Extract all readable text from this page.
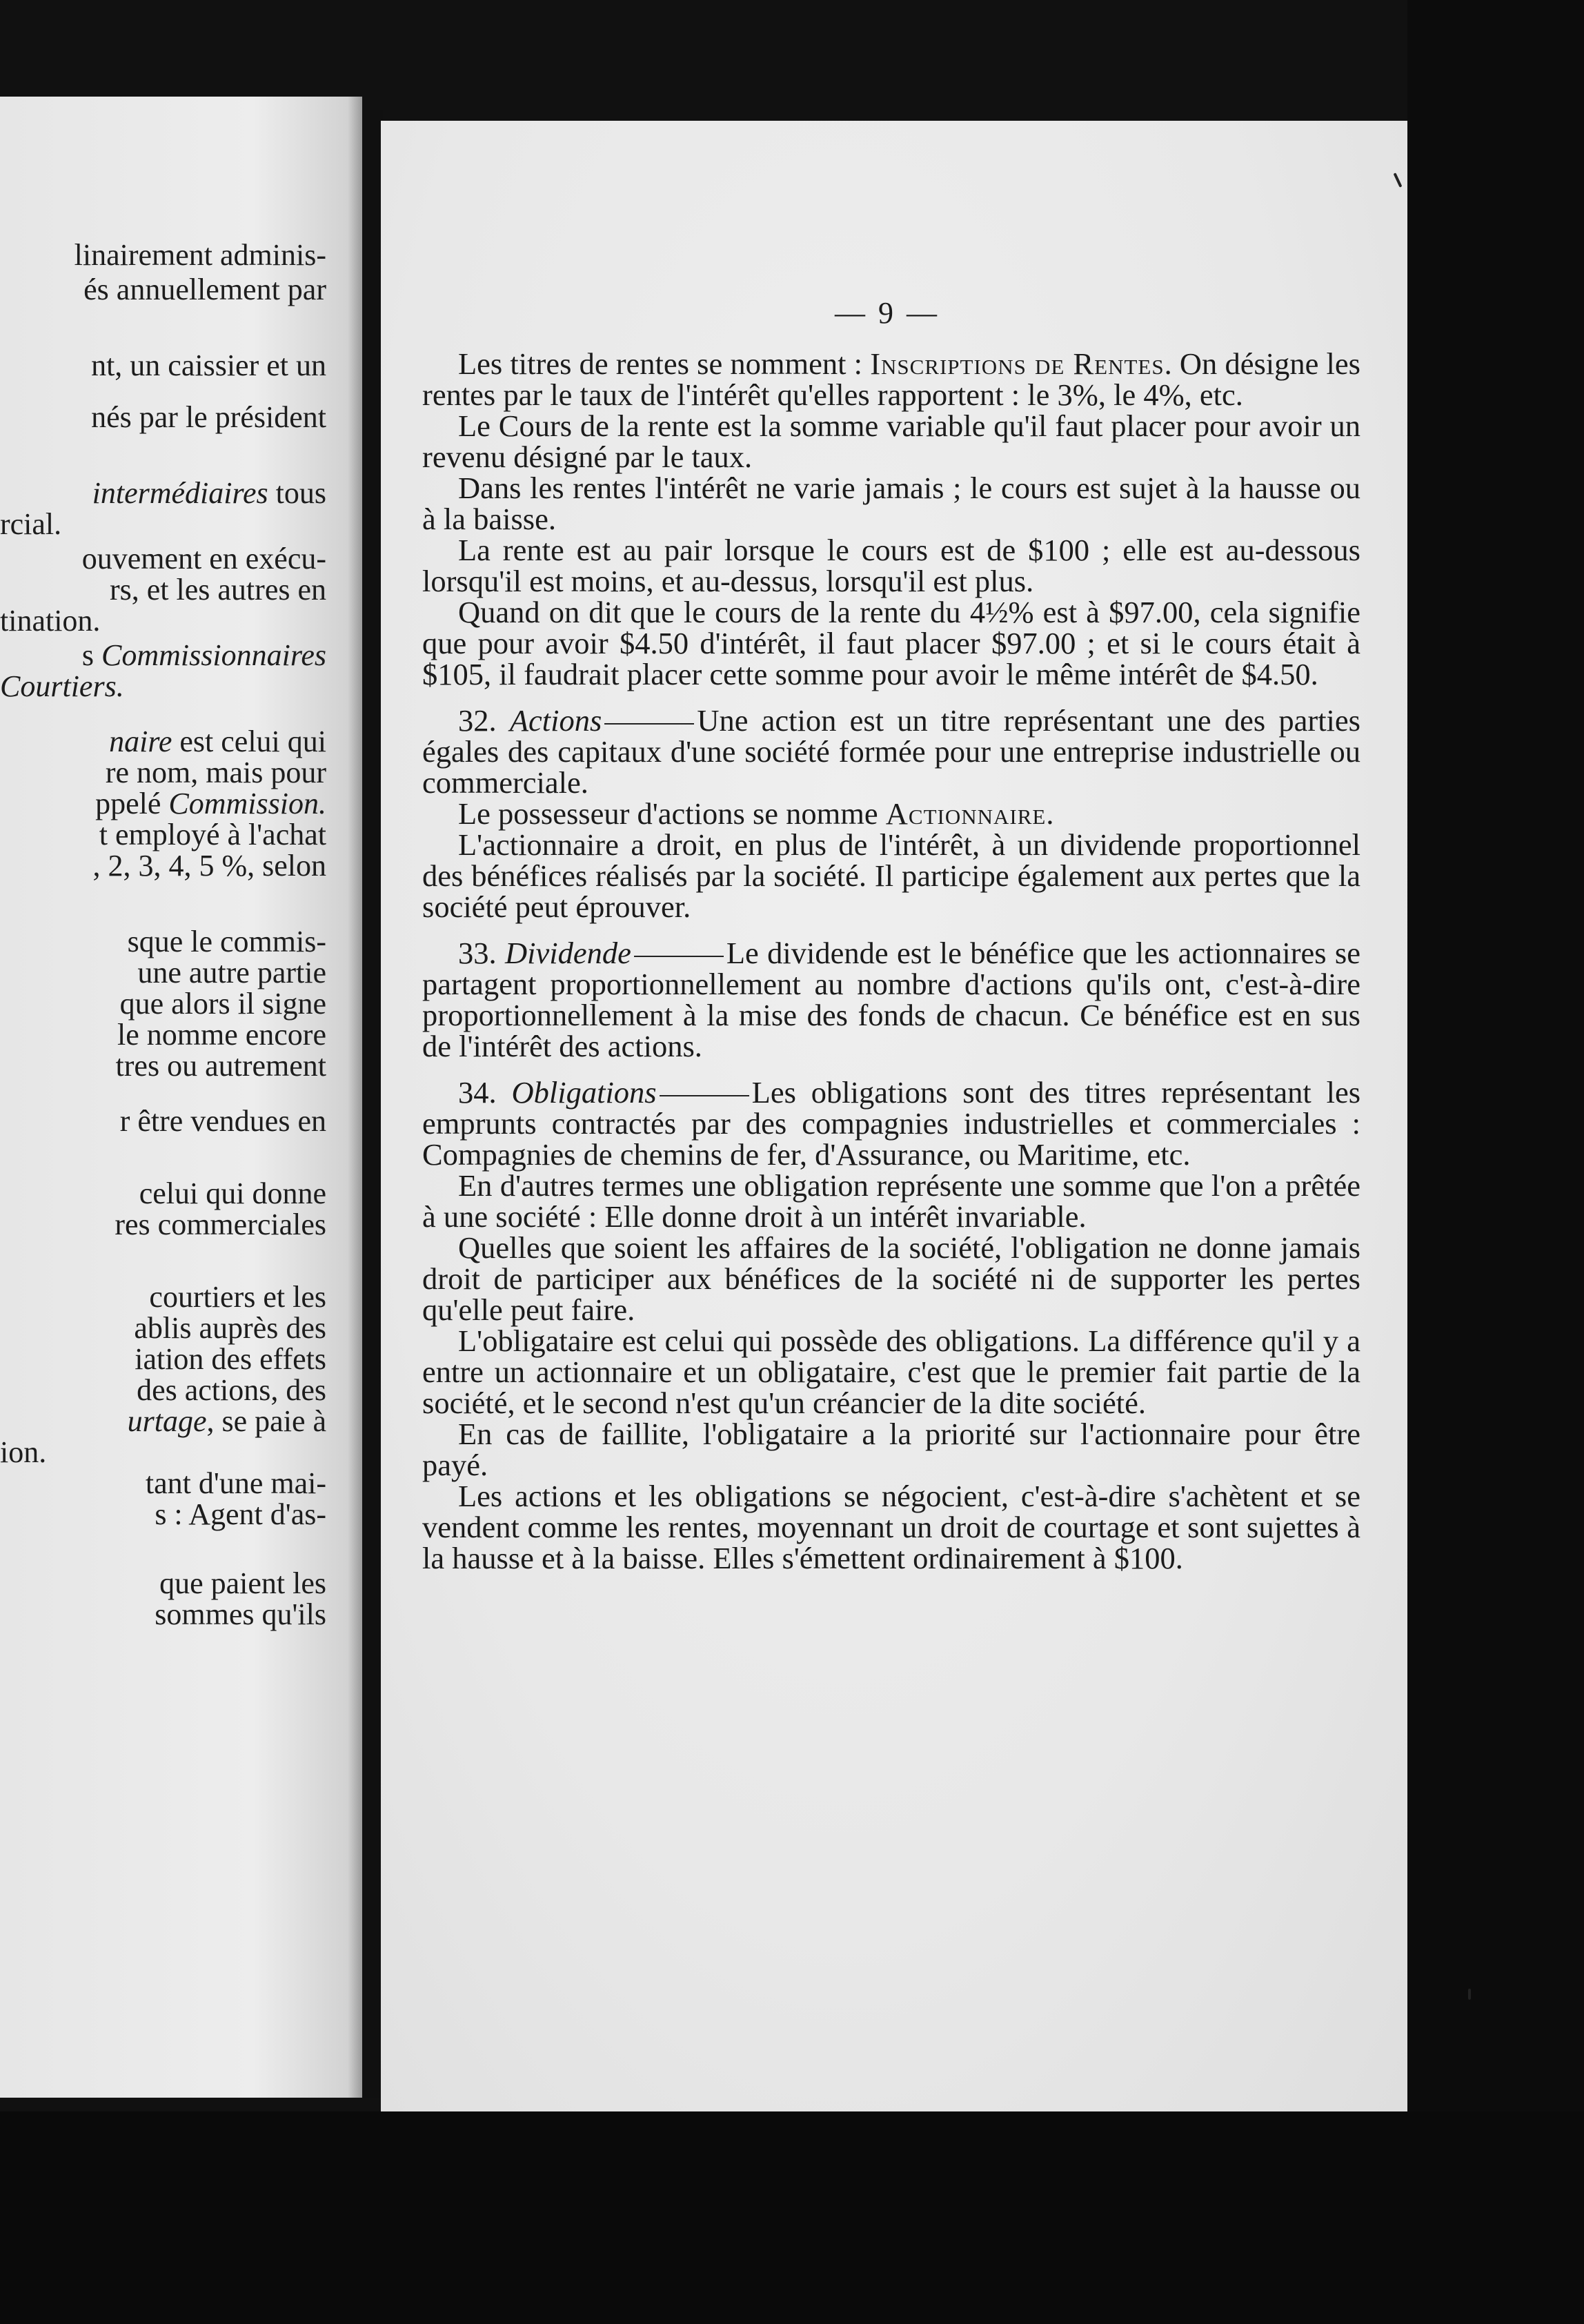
linairement adminis-
és annuellement par
nt, un caissier et un
nés par le président
intermédiaires tous
rcial.
ouvement en exécu-
rs, et les autres en
tination.
s Commissionnaires
Courtiers.
naire est celui qui
re nom, mais pour
ppelé Commission.
t employé à l'achat
, 2, 3, 4, 5 %, selon
sque le commis-
une autre partie
que alors il signe
le nomme encore
tres ou autrement
r être vendues en
celui qui donne
res commerciales
courtiers et les
ablis auprès des
iation des effets
des actions, des
urtage, se paie à
ion.
tant d'une mai-
s : Agent d'as-
que paient les
sommes qu'ils
— 9 —

Les titres de rentes se nomment : Inscriptions de Rentes. On désigne les rentes par le taux de l'intérêt qu'elles rapportent : le 3%, le 4%, etc.

Le Cours de la rente est la somme variable qu'il faut placer pour avoir un revenu désigné par le taux.

Dans les rentes l'intérêt ne varie jamais ; le cours est sujet à la hausse ou à la baisse.

La rente est au pair lorsque le cours est de $100 ; elle est au-dessous lorsqu'il est moins, et au-dessus, lorsqu'il est plus.

Quand on dit que le cours de la rente du 4½% est à $97.00, cela signifie que pour avoir $4.50 d'intérêt, il faut placer $97.00 ; et si le cours était à $105, il faudrait placer cette somme pour avoir le même intérêt de $4.50.

32. Actions	Une action est un titre représentant une des parties égales des capitaux d'une société formée pour une entreprise industrielle ou commerciale.

Le possesseur d'actions se nomme Actionnaire.

L'actionnaire a droit, en plus de l'intérêt, à un dividende proportionnel des bénéfices réalisés par la société. Il participe également aux pertes que la société peut éprouver.

33. Dividende	Le dividende est le bénéfice que les actionnaires se partagent proportionnellement au nombre d'actions qu'ils ont, c'est-à-dire proportionnellement à la mise des fonds de chacun. Ce bénéfice est en sus de l'intérêt des actions.

34. Obligations	Les obligations sont des titres représentant les emprunts contractés par des compagnies industrielles et commerciales : Compagnies de chemins de fer, d'Assurance, ou Maritime, etc.

En d'autres termes une obligation représente une somme que l'on a prêtée à une société : Elle donne droit à un intérêt invariable.

Quelles que soient les affaires de la société, l'obligation ne donne jamais droit de participer aux bénéfices de la société ni de supporter les pertes qu'elle peut faire.

L'obligataire est celui qui possède des obligations. La différence qu'il y a entre un actionnaire et un obligataire, c'est que le premier fait partie de la société, et le second n'est qu'un créancier de la dite société.

En cas de faillite, l'obligataire a la priorité sur l'actionnaire pour être payé.

Les actions et les obligations se négocient, c'est-à-dire s'achètent et se vendent comme les rentes, moyennant un droit de courtage et sont sujettes à la hausse et à la baisse. Elles s'émettent ordinairement à $100.
